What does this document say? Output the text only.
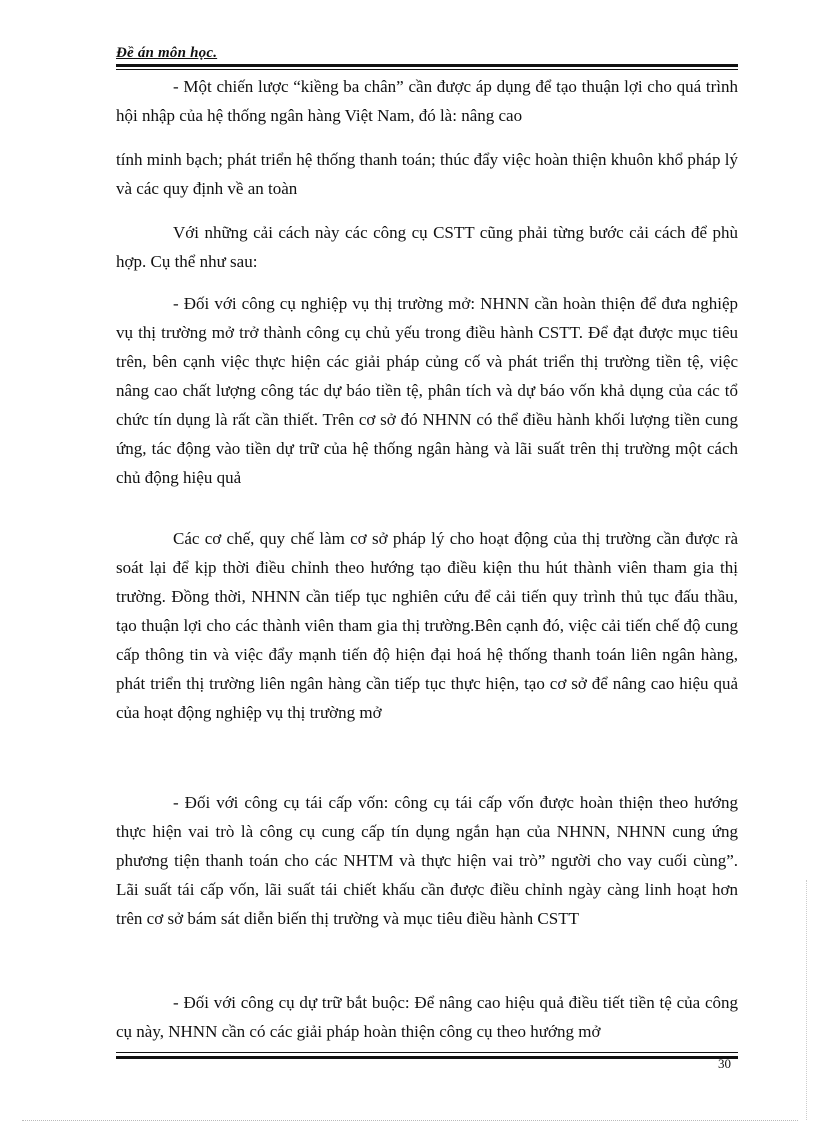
Đề án môn học.
- Một chiến lược “kiềng ba chân” cần được áp dụng để tạo thuận lợi cho quá trình hội nhập của hệ thống ngân hàng Việt Nam, đó là: nâng cao
tính minh bạch; phát triển hệ thống thanh toán; thúc đẩy việc hoàn thiện khuôn khổ pháp lý và các quy định về an toàn
Với những cải cách này các công cụ CSTT cũng phải từng bước cải cách để phù hợp. Cụ thể như sau:
- Đối với công cụ nghiệp vụ thị trường mở: NHNN cần hoàn thiện để đưa nghiệp vụ thị trường mở trở thành công cụ chủ yếu trong điều hành CSTT. Để đạt được mục tiêu trên, bên cạnh việc thực hiện các giải pháp củng cố và phát triển thị trường tiền tệ, việc nâng cao chất lượng công tác dự báo tiền tệ, phân tích và dự báo vốn khả dụng của các tổ chức tín dụng là rất cần thiết. Trên cơ sở đó NHNN có thể điều hành khối lượng tiền cung ứng, tác động vào tiền dự trữ của hệ thống ngân hàng và lãi suất trên thị trường một cách chủ động hiệu quả
Các cơ chế, quy chế làm cơ sở pháp lý cho hoạt động của thị trường cần được rà soát lại để kịp thời điều chỉnh theo hướng tạo điều kiện thu hút thành viên tham gia thị trường. Đồng thời, NHNN cần tiếp tục nghiên cứu để cải tiến quy trình thủ tục đấu thầu, tạo thuận lợi cho các thành viên tham gia thị trường.Bên cạnh đó, việc cải tiến chế độ cung cấp thông tin và việc đẩy mạnh tiến độ hiện đại hoá hệ thống thanh toán liên ngân hàng, phát triển thị trường liên ngân hàng cần tiếp tục thực hiện, tạo cơ sở để nâng cao hiệu quả của hoạt động nghiệp vụ thị trường mở
- Đối với công cụ tái cấp vốn: công cụ tái cấp vốn được hoàn thiện theo hướng thực hiện vai trò là công cụ cung cấp tín dụng ngắn hạn của NHNN, NHNN cung ứng phương tiện thanh toán cho các NHTM và thực hiện vai trò” người cho vay cuối cùng”. Lãi suất tái cấp vốn, lãi suất tái chiết khấu cần được điều chỉnh ngày càng linh hoạt hơn trên cơ sở bám sát diễn biến thị trường và mục tiêu điều hành CSTT
- Đối với công cụ dự trữ bắt buộc: Để nâng cao hiệu quả điều tiết tiền tệ của công cụ này, NHNN cần có các giải pháp hoàn thiện công cụ theo hướng mở
30
